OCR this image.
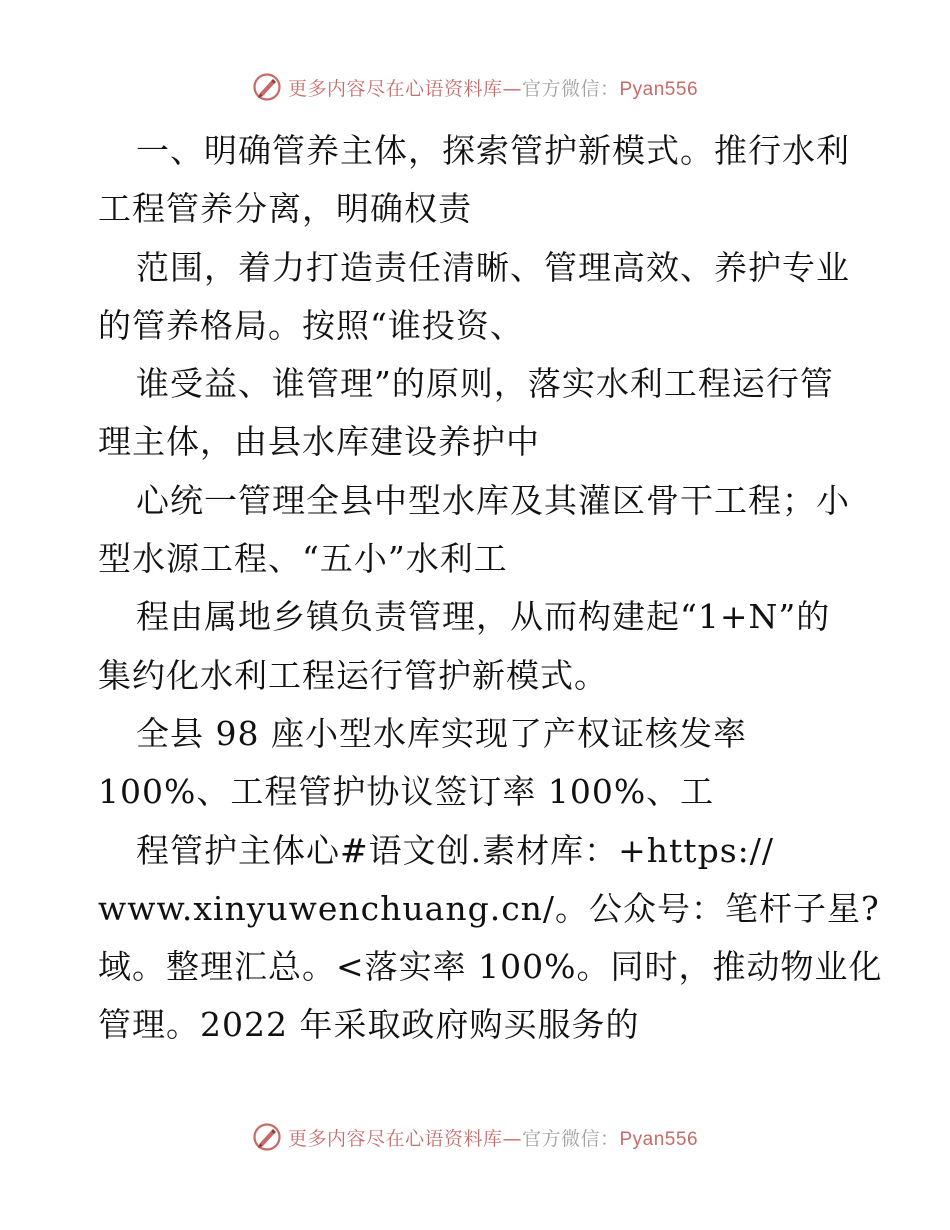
更多内容尽在心语资料库—官方微信：Pyan556
一、明确管养主体，探索管护新模式。推行水利
工程管养分离，明确权责
范围，着力打造责任清晰、管理高效、养护专业
的管养格局。按照“谁投资、
谁受益、谁管理”的原则，落实水利工程运行管
理主体，由县水库建设养护中
心统一管理全县中型水库及其灌区骨干工程；小
型水源工程、“五小”水利工
程由属地乡镇负责管理，从而构建起“1+N”的
集约化水利工程运行管护新模式。
全县 98 座小型水库实现了产权证核发率
100%、工程管护协议签订率 100%、工
程管护主体心#语文创.素材库：+https://
www.xinyuwenchuang.cn/。公众号：笔杆子星?
域。整理汇总。<落实率 100%。同时，推动物业化
管理。2022 年采取政府购买服务的
更多内容尽在心语资料库—官方微信：Pyan556
